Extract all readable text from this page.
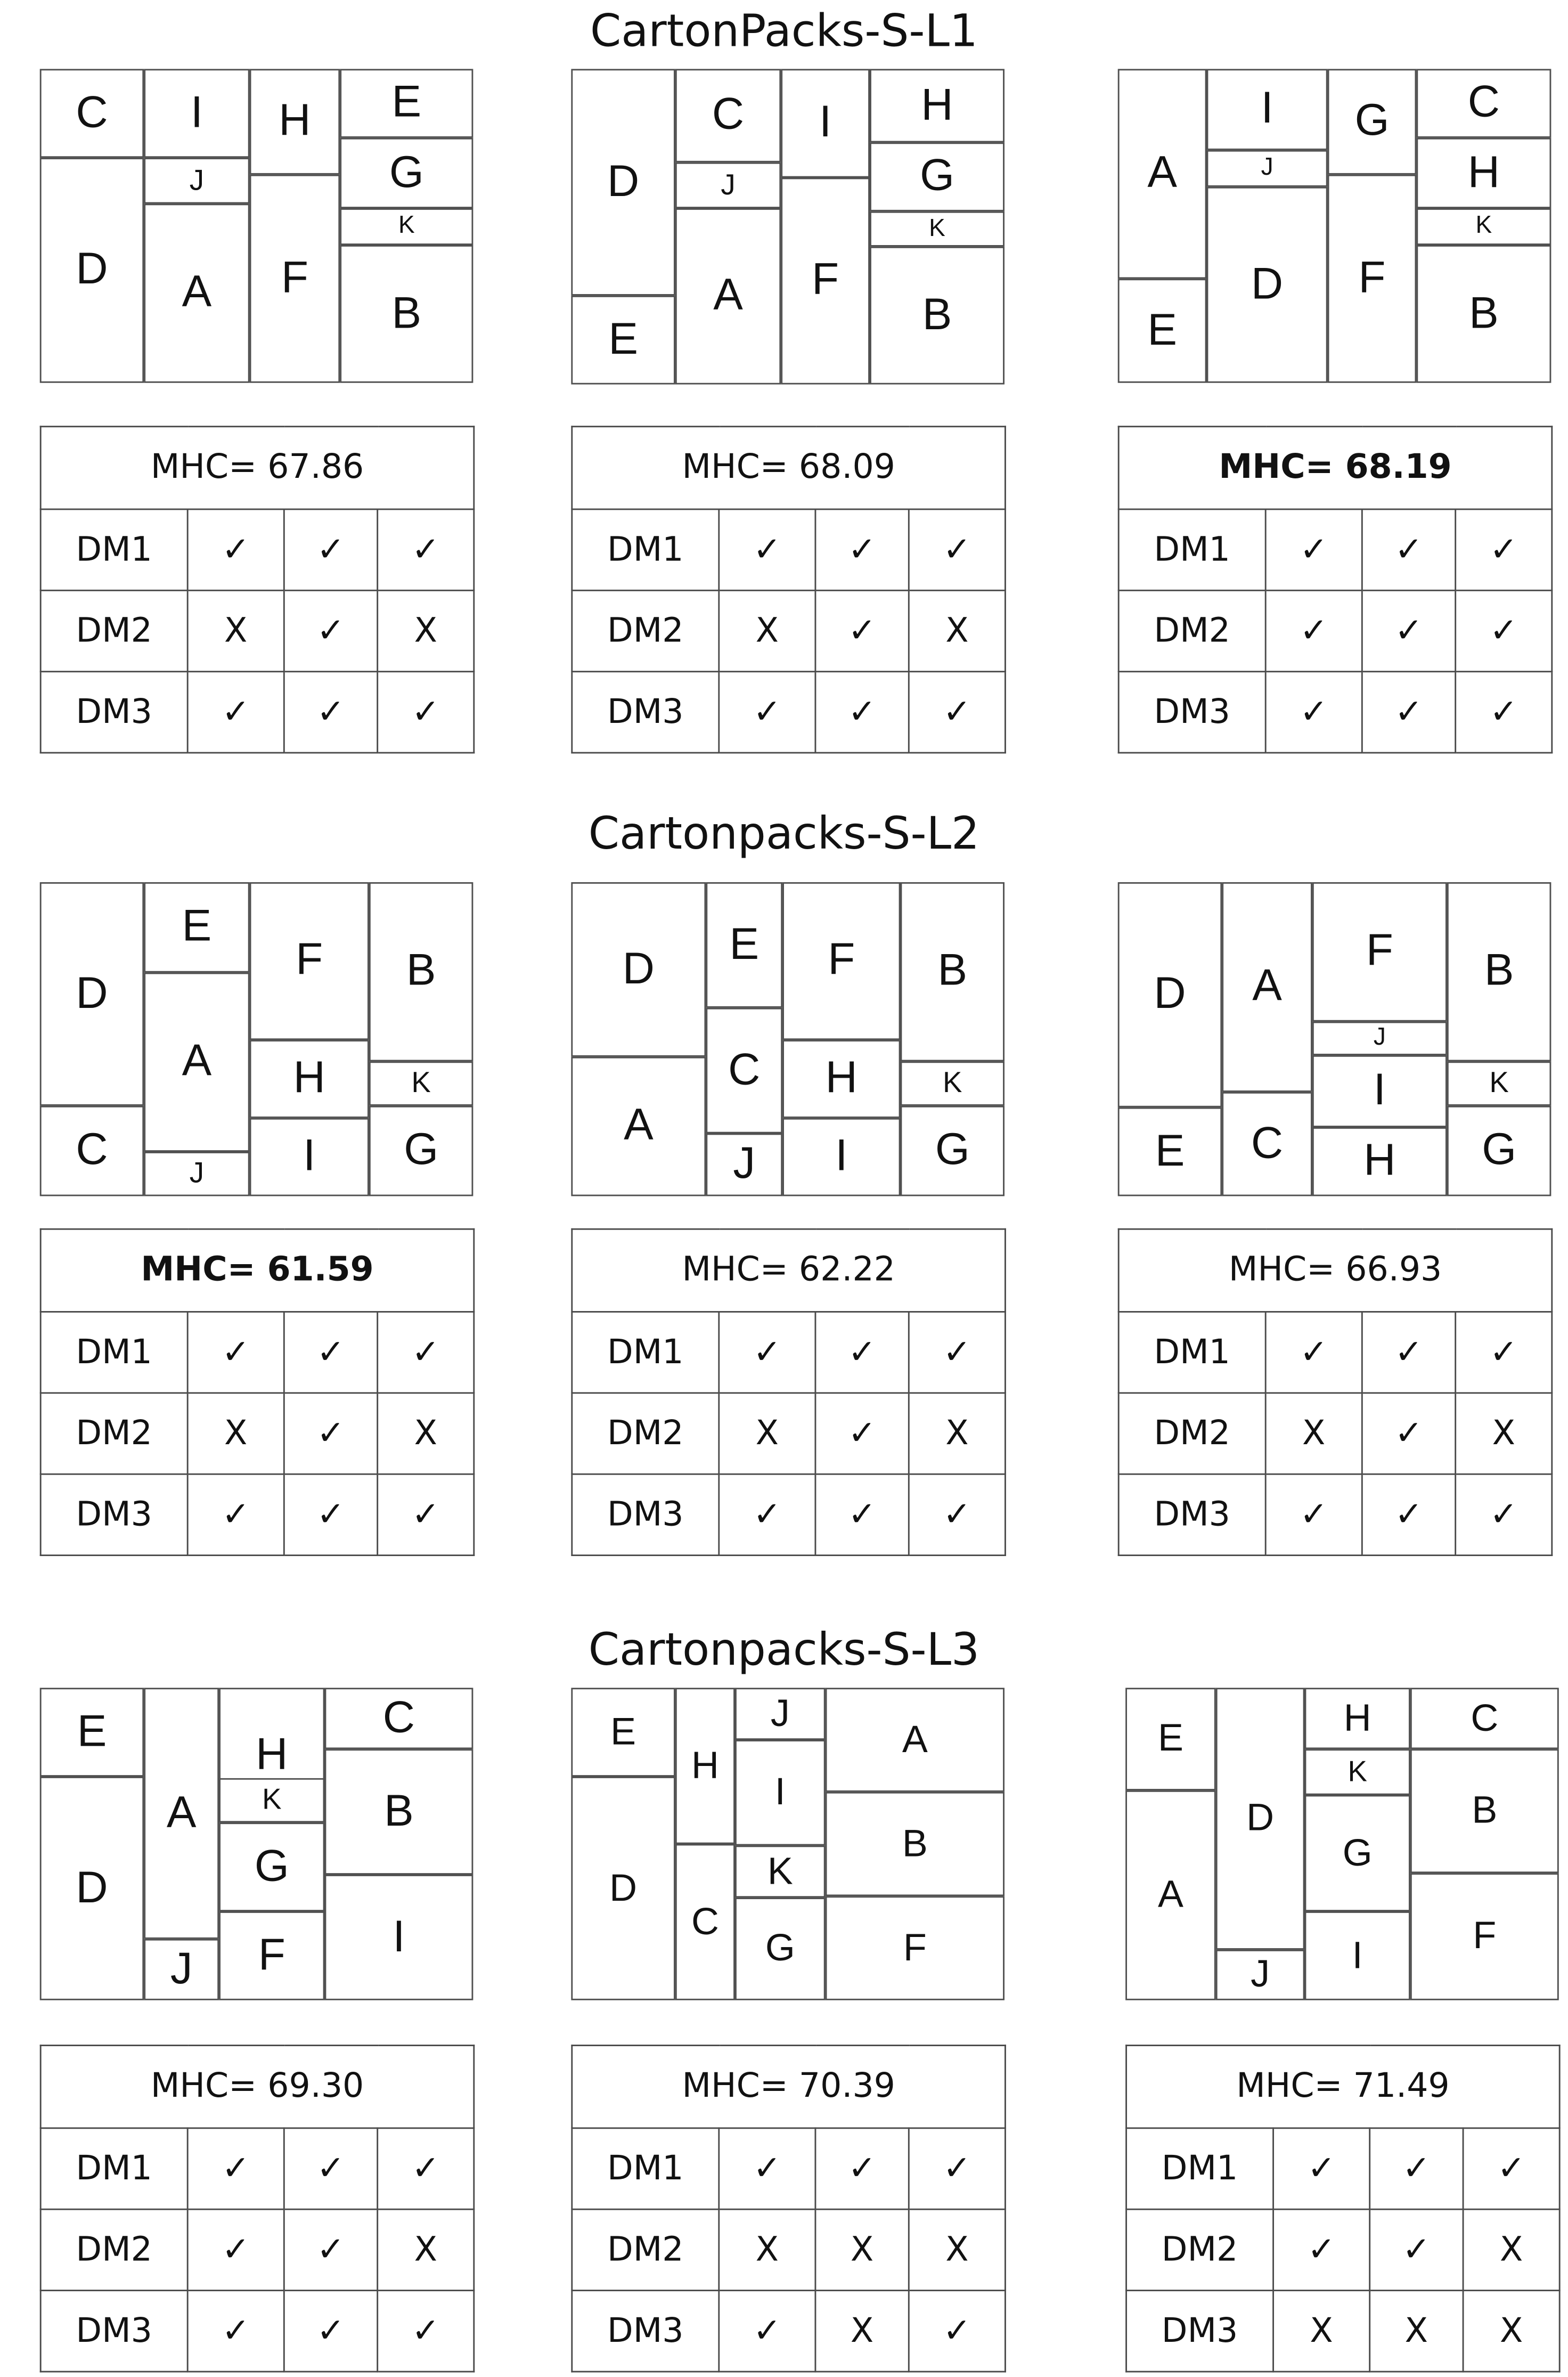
CartonPacks-S-L1
C	I	H	E
J	G
K
D	A	F
B
MHC= 67.86			
DM1	✓	✓	✓
DM2	X	✓	X
DM3	✓	✓	✓
D
C	I	H
J	G
K
A	F
B
E
MHC= 68.09			
DM1	✓	✓	✓
DM2	X	✓	X
DM3	✓	✓	✓
A
I	G	C
J	H
K
D	F
B
E
MHC= 68.19			
DM1	✓	✓	✓
DM2	✓	✓	✓
DM3	✓	✓	✓
Cartonpacks-S-L2
D
E
F	B
A	H	K
C	J	I	G
MHC= 61.59			
DM1	✓	✓	✓
DM2	X	✓	X
DM3	✓	✓	✓
D	E	F	B
C	H	K
A
J	I	G
MHC= 62.22			
DM1	✓	✓	✓
DM2	X	✓	X
DM3	✓	✓	✓
D	A
F	B
J
I	K
E	C	H	G
MHC= 66.93			
DM1	✓	✓	✓
DM2	X	✓	X
DM3	✓	✓	✓
Cartonpacks-S-L3
E
A
H
C
K	B
G
D
J
I
F
MHC= 69.30			
DM1	✓	✓	✓
DM2	✓	✓	X
DM3	✓	✓	✓
E	J
A
H
I
B
K
D
C
G	F
MHC= 70.39			
DM1	✓	✓	✓
DM2	X	X	X
DM3	✓	X	✓
E	H	C
K
D	B
G
A
F
J	I
MHC= 71.49			
DM1	✓	✓	✓
DM2	✓	✓	X
DM3	X	X	X
